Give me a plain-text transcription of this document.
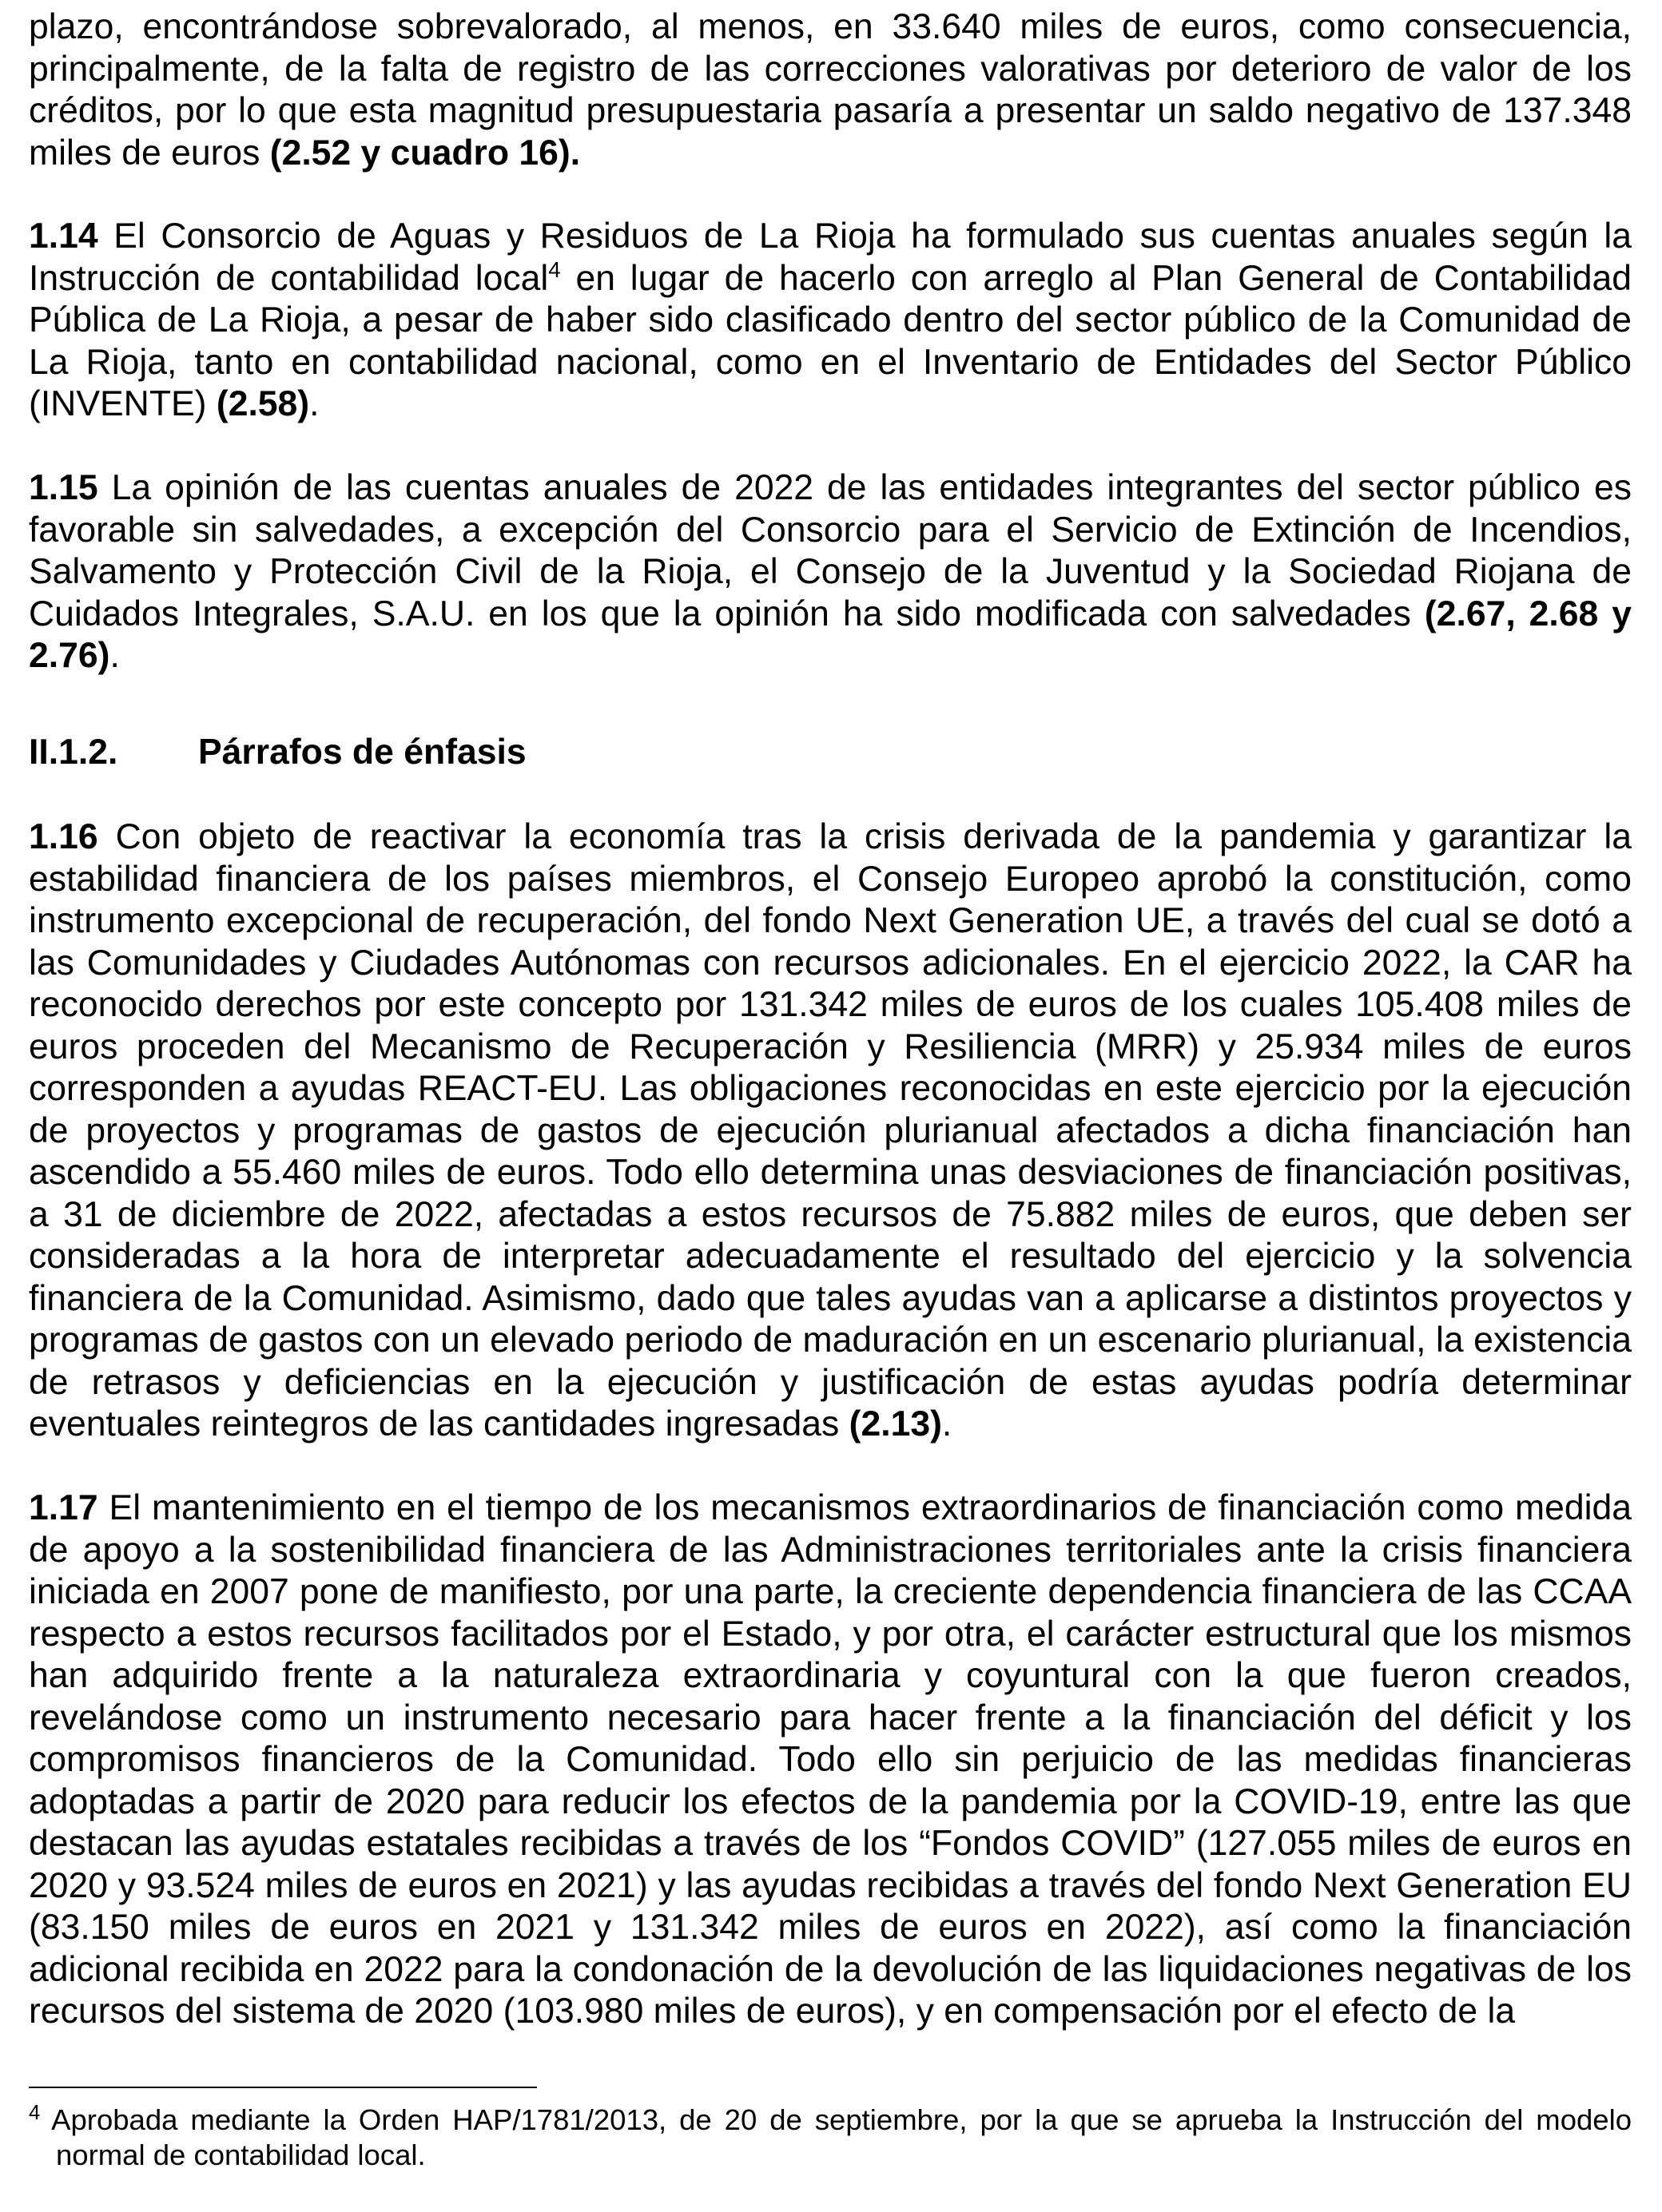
plazo, encontrándose sobrevalorado, al menos, en 33.640 miles de euros, como consecuencia, principalmente, de la falta de registro de las correcciones valorativas por deterioro de valor de los créditos, por lo que esta magnitud presupuestaria pasaría a presentar un saldo negativo de 137.348 miles de euros (2.52 y cuadro 16).

1.14 El Consorcio de Aguas y Residuos de La Rioja ha formulado sus cuentas anuales según la Instrucción de contabilidad local$^4$ en lugar de hacerlo con arreglo al Plan General de Contabilidad Pública de La Rioja, a pesar de haber sido clasificado dentro del sector público de la Comunidad de La Rioja, tanto en contabilidad nacional, como en el Inventario de Entidades del Sector Público (INVENTE) (2.58).

1.15 La opinión de las cuentas anuales de 2022 de las entidades integrantes del sector público es favorable sin salvedades, a excepción del Consorcio para el Servicio de Extinción de Incendios, Salvamento y Protección Civil de la Rioja, el Consejo de la Juventud y la Sociedad Riojana de Cuidados Integrales, S.A.U. en los que la opinión ha sido modificada con salvedades (2.67, 2.68 y 2.76).

II.1.2. Párrafos de énfasis

1.16 Con objeto de reactivar la economía tras la crisis derivada de la pandemia y garantizar la estabilidad financiera de los países miembros, el Consejo Europeo aprobó la constitución, como instrumento excepcional de recuperación, del fondo Next Generation UE, a través del cual se dotó a las Comunidades y Ciudades Autónomas con recursos adicionales. En el ejercicio 2022, la CAR ha reconocido derechos por este concepto por 131.342 miles de euros de los cuales 105.408 miles de euros proceden del Mecanismo de Recuperación y Resiliencia (MRR) y 25.934 miles de euros corresponden a ayudas REACT-EU. Las obligaciones reconocidas en este ejercicio por la ejecución de proyectos y programas de gastos de ejecución plurianual afectados a dicha financiación han ascendido a 55.460 miles de euros. Todo ello determina unas desviaciones de financiación positivas, a 31 de diciembre de 2022, afectadas a estos recursos de 75.882 miles de euros, que deben ser consideradas a la hora de interpretar adecuadamente el resultado del ejercicio y la solvencia financiera de la Comunidad. Asimismo, dado que tales ayudas van a aplicarse a distintos proyectos y programas de gastos con un elevado periodo de maduración en un escenario plurianual, la existencia de retrasos y deficiencias en la ejecución y justificación de estas ayudas podría determinar eventuales reintegros de las cantidades ingresadas (2.13).

1.17 El mantenimiento en el tiempo de los mecanismos extraordinarios de financiación como medida de apoyo a la sostenibilidad financiera de las Administraciones territoriales ante la crisis financiera iniciada en 2007 pone de manifiesto, por una parte, la creciente dependencia financiera de las CCAA respecto a estos recursos facilitados por el Estado, y por otra, el carácter estructural que los mismos han adquirido frente a la naturaleza extraordinaria y coyuntural con la que fueron creados, revelándose como un instrumento necesario para hacer frente a la financiación del déficit y los compromisos financieros de la Comunidad. Todo ello sin perjuicio de las medidas financieras adoptadas a partir de 2020 para reducir los efectos de la pandemia por la COVID-19, entre las que destacan las ayudas estatales recibidas a través de los “Fondos COVID” (127.055 miles de euros en 2020 y 93.524 miles de euros en 2021) y las ayudas recibidas a través del fondo Next Generation EU (83.150 miles de euros en 2021 y 131.342 miles de euros en 2022), así como la financiación adicional recibida en 2022 para la condonación de la devolución de las liquidaciones negativas de los recursos del sistema de 2020 (103.980 miles de euros), y en compensación por el efecto de la

$^4$ Aprobada mediante la Orden HAP/1781/2013, de 20 de septiembre, por la que se aprueba la Instrucción del modelo normal de contabilidad local.
